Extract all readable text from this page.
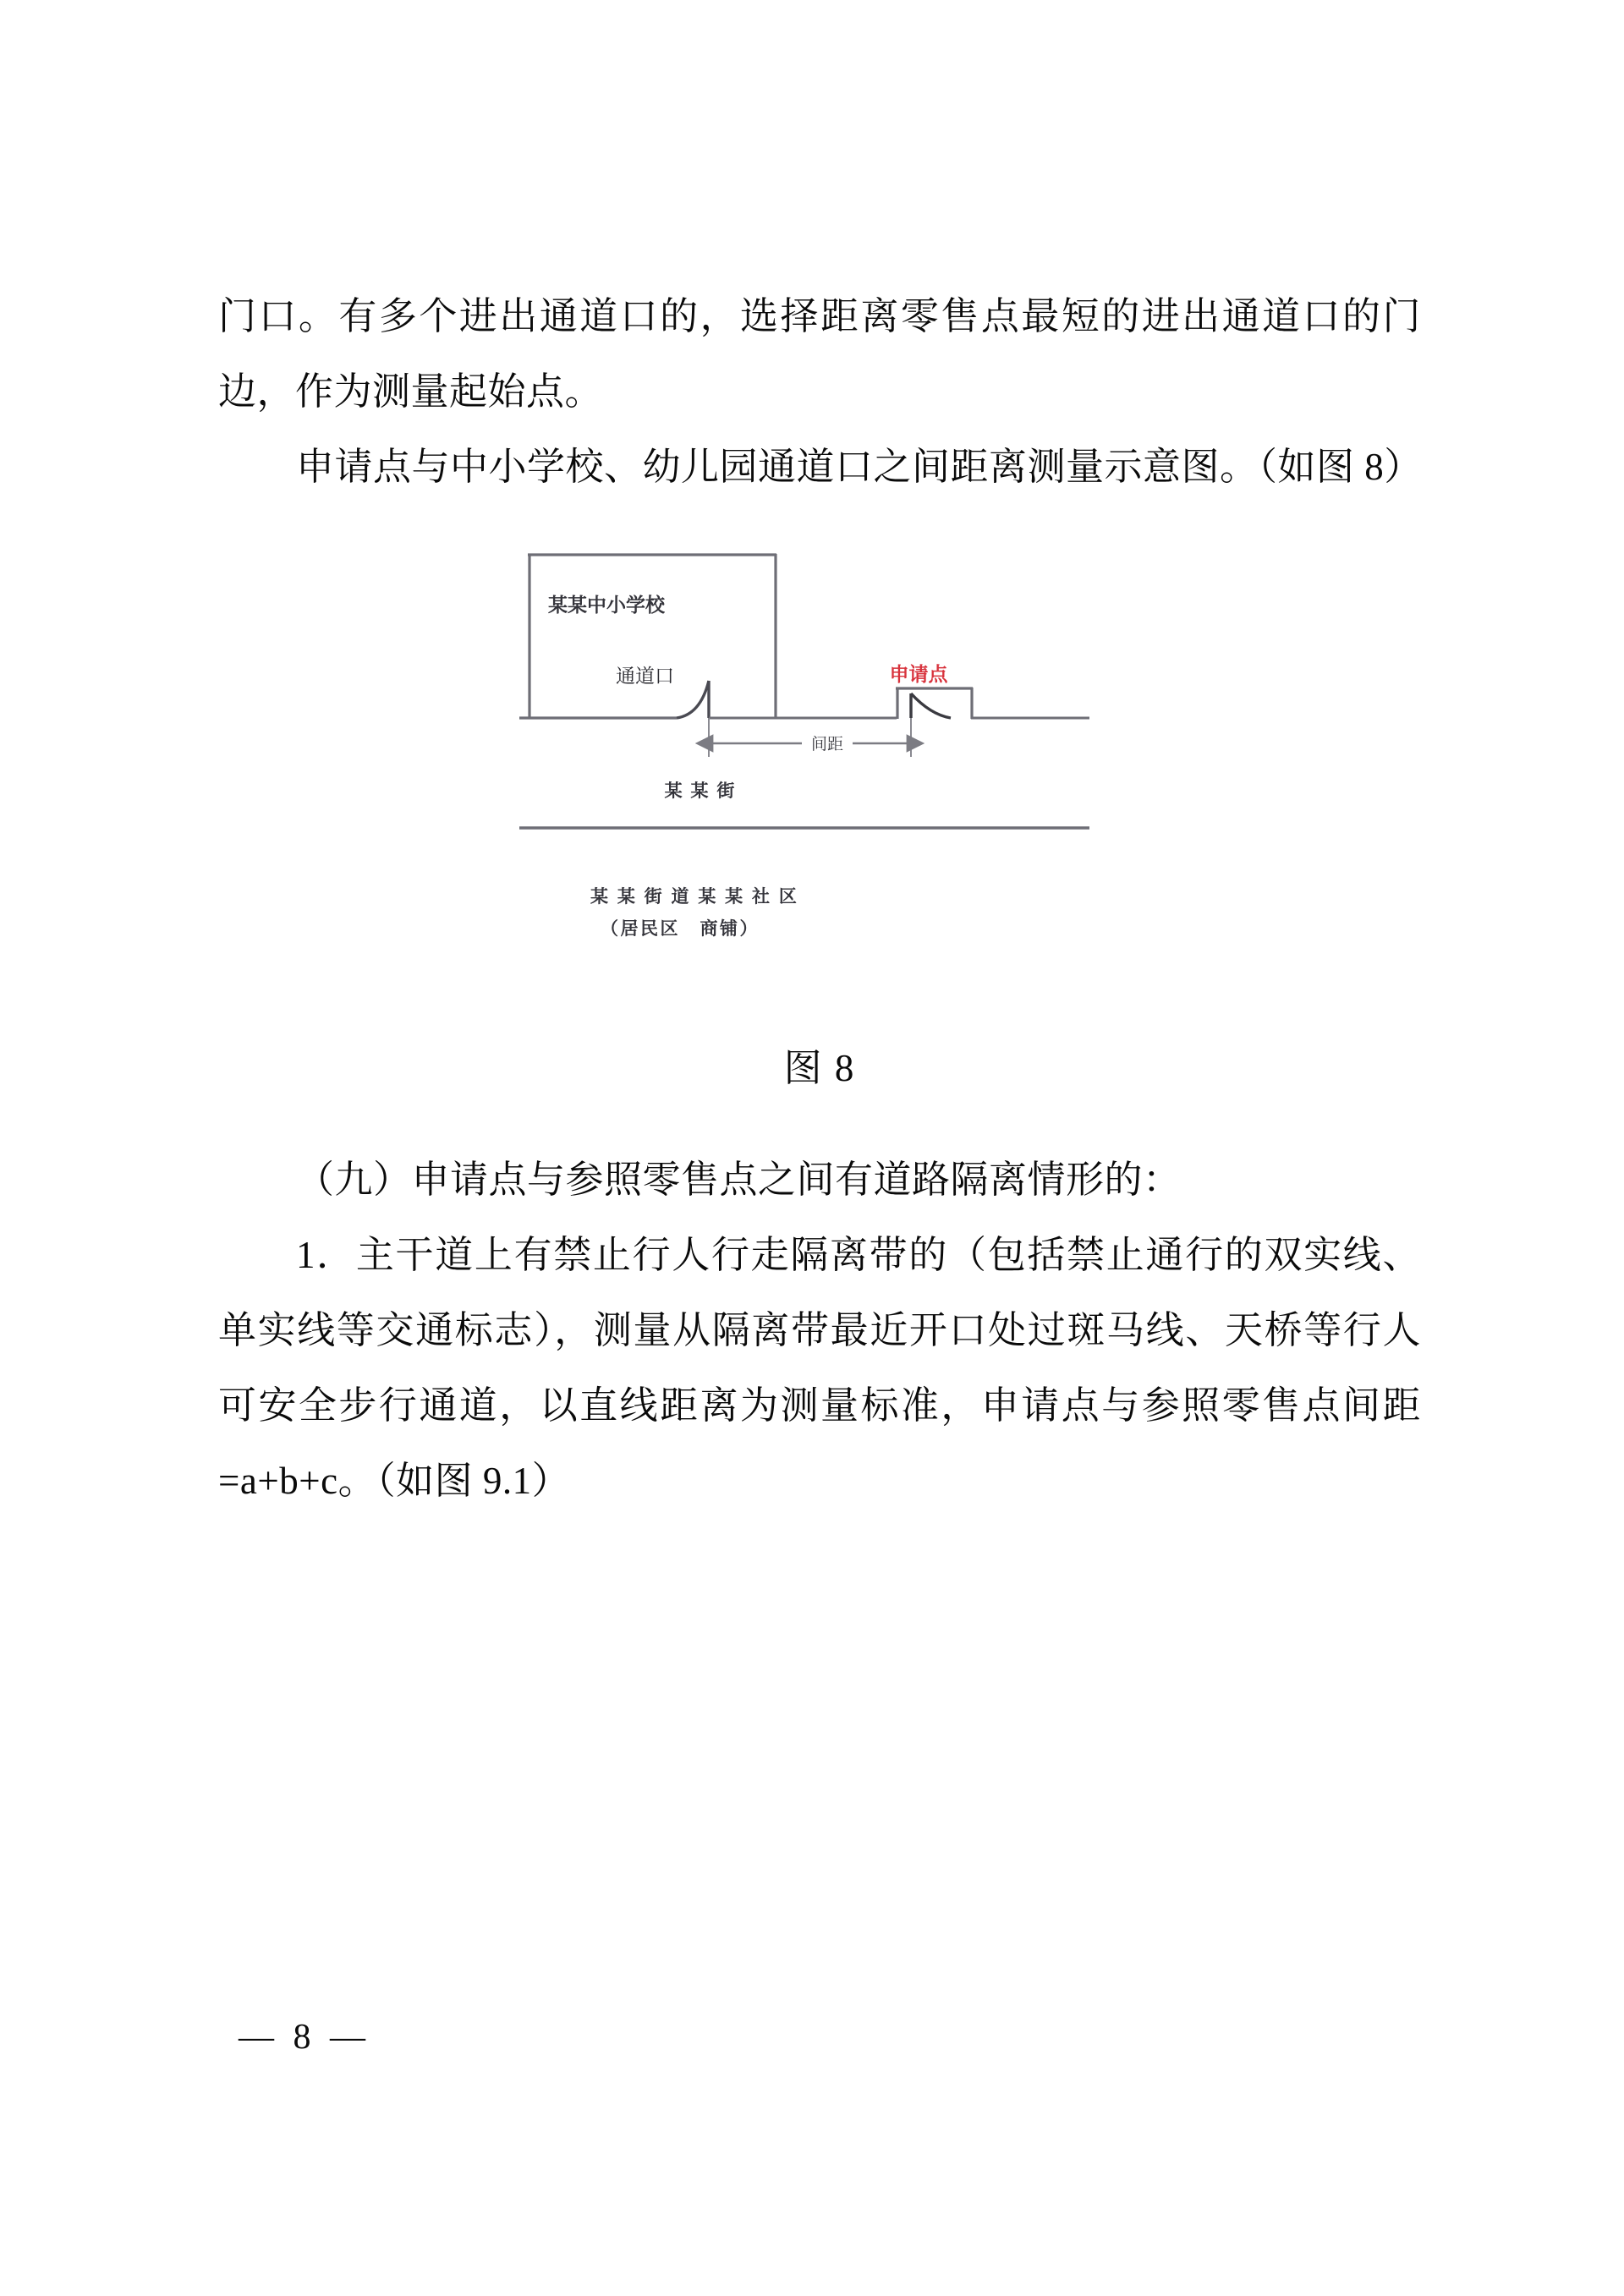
门口。有多个进出通道口的，选择距离零售点最短的进出通道口的门边，作为测量起始点。

申请点与中小学校、幼儿园通道口之间距离测量示意图。（如图 8）

某某中小学校
通道口	申请点
间距
某 某 街
某 某 街 道 某 某 社 区
（居民区　商铺）
图 8

（九）申请点与参照零售点之间有道路隔离情形的：

1．主干道上有禁止行人行走隔离带的（包括禁止通行的双实线、单实线等交通标志），测量从隔离带最近开口处过斑马线、天桥等行人可安全步行通道，以直线距离为测量标准，申请点与参照零售点间距=a+b+c。（如图 9.1）

— 8 —
